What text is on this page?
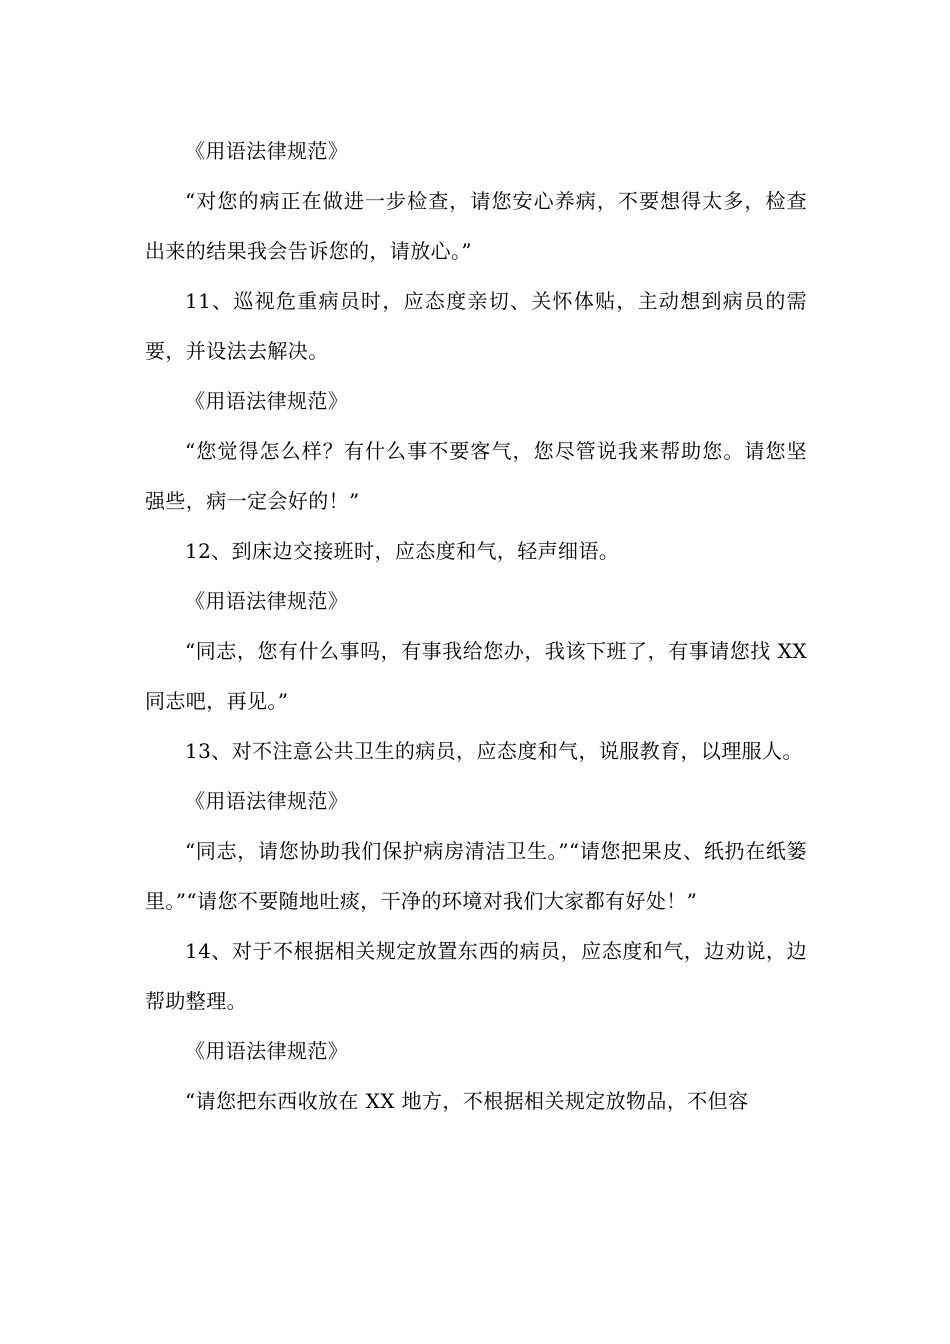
《用语法律规范》

“对您的病正在做进一步检查，请您安心养病，不要想得太多，检查出来的结果我会告诉您的，请放心。”

11、巡视危重病员时，应态度亲切、关怀体贴，主动想到病员的需要，并设法去解决。

《用语法律规范》

“您觉得怎么样？有什么事不要客气，您尽管说我来帮助您。请您坚强些，病一定会好的！”

12、到床边交接班时，应态度和气，轻声细语。

《用语法律规范》

“同志，您有什么事吗，有事我给您办，我该下班了，有事请您找 XX 同志吧，再见。”

13、对不注意公共卫生的病员，应态度和气，说服教育，以理服人。

《用语法律规范》

“同志，请您协助我们保护病房清洁卫生。”“请您把果皮、纸扔在纸篓里。”“请您不要随地吐痰，干净的环境对我们大家都有好处！”

14、对于不根据相关规定放置东西的病员，应态度和气，边劝说，边帮助整理。

《用语法律规范》

“请您把东西收放在 XX 地方，不根据相关规定放物品，不但容
